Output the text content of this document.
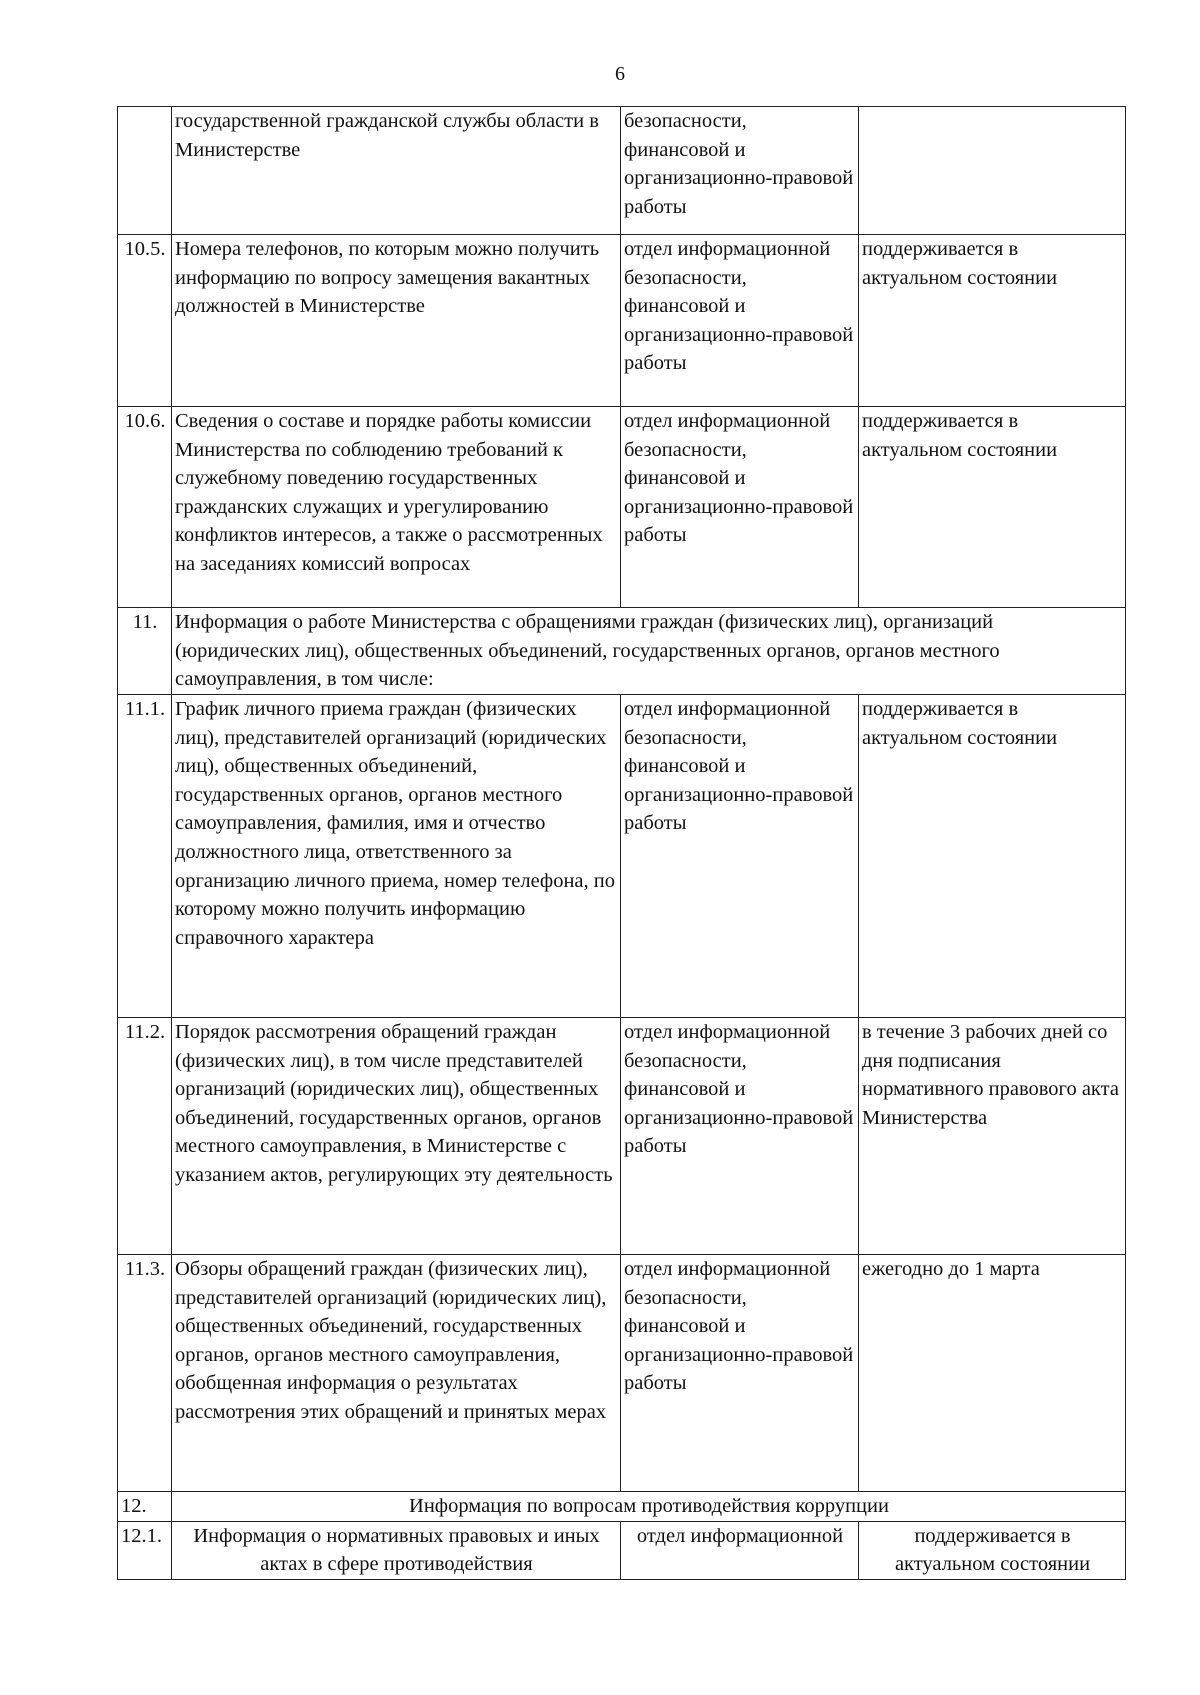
6
	государственной гражданской службы области в Министерстве	безопасности, финансовой и организационно-правовой работы	
10.5.	Номера телефонов, по которым можно получить информацию по вопросу замещения вакантных должностей в Министерстве	отдел информационной безопасности, финансовой и организационно-правовой работы	поддерживается в актуальном состоянии
10.6.	Сведения о составе и порядке работы комиссии Министерства по соблюдению требований к служебному поведению государственных гражданских служащих и урегулированию конфликтов интересов, а также о рассмотренных на заседаниях комиссий вопросах	отдел информационной безопасности, финансовой и организационно-правовой работы	поддерживается в актуальном состоянии
11.	Информация о работе Министерства с обращениями граждан (физических лиц), организаций (юридических лиц), общественных объединений, государственных органов, органов местного самоуправления, в том числе:		
11.1.	График личного приема граждан (физических лиц), представителей организаций (юридических лиц), общественных объединений, государственных органов, органов местного самоуправления, фамилия, имя и отчество должностного лица, ответственного за организацию личного приема, номер телефона, по которому можно получить информацию справочного характера	отдел информационной безопасности, финансовой и организационно-правовой работы	поддерживается в актуальном состоянии
11.2.	Порядок рассмотрения обращений граждан (физических лиц), в том числе представителей организаций (юридических лиц), общественных объединений, государственных органов, органов местного самоуправления, в Министерстве с указанием актов, регулирующих эту деятельность	отдел информационной безопасности, финансовой и организационно-правовой работы	в течение 3 рабочих дней со дня подписания нормативного правового акта Министерства
11.3.	Обзоры обращений граждан (физических лиц), представителей организаций (юридических лиц), общественных объединений, государственных органов, органов местного самоуправления, обобщенная информация о результатах рассмотрения этих обращений и принятых мерах	отдел информационной безопасности, финансовой и организационно-правовой работы	ежегодно до 1 марта
12.	Информация по вопросам противодействия коррупции		
12.1.	Информация о нормативных правовых и иных актах в сфере противодействия	отдел информационной	поддерживается в актуальном состоянии
